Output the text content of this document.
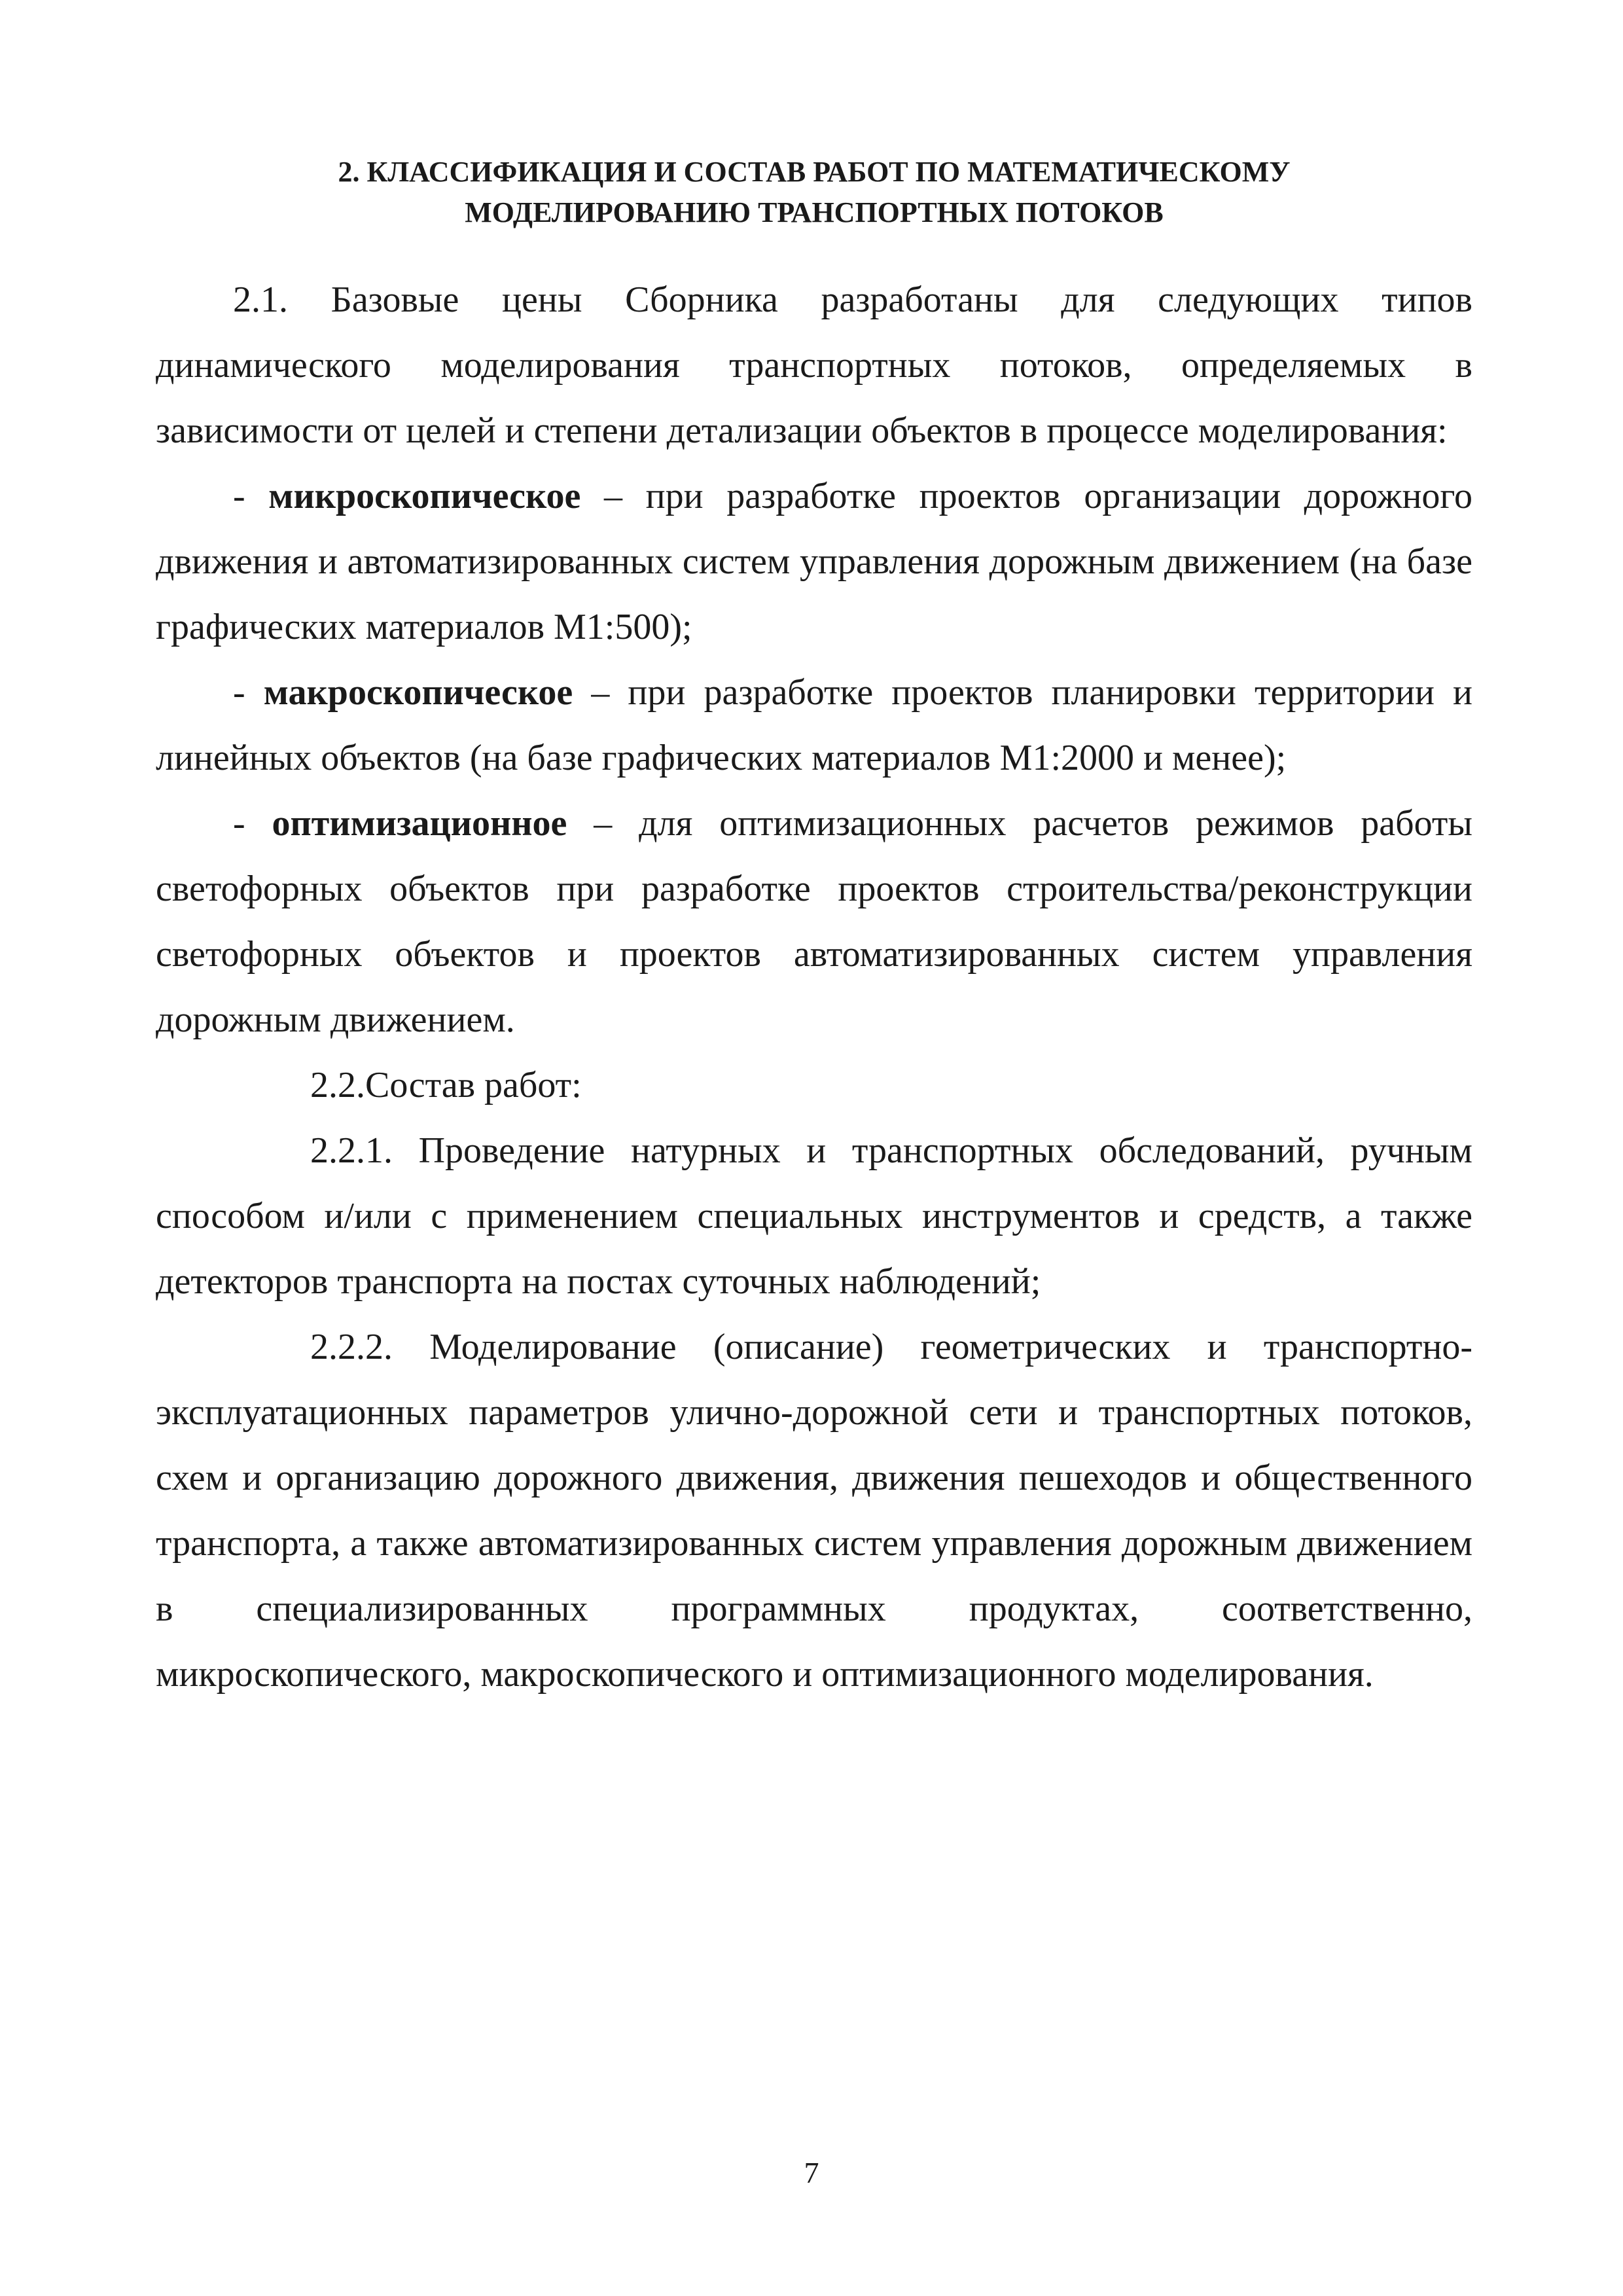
2. КЛАССИФИКАЦИЯ И СОСТАВ РАБОТ ПО МАТЕМАТИЧЕСКОМУ
МОДЕЛИРОВАНИЮ ТРАНСПОРТНЫХ ПОТОКОВ

2.1. Базовые цены Сборника разработаны для следующих типов динамического моделирования транспортных потоков, определяемых в зависимости от целей и степени детализации объектов в процессе моделирования:

- микроскопическое – при разработке проектов организации дорожного движения и автоматизированных систем управления дорожным движением (на базе графических материалов М1:500);

- макроскопическое – при разработке проектов планировки территории и линейных объектов (на базе графических материалов М1:2000 и менее);

- оптимизационное – для оптимизационных расчетов режимов работы светофорных объектов при разработке проектов строительства/реконструкции светофорных объектов и проектов автоматизированных систем управления дорожным движением.

2.2.Состав работ:

2.2.1. Проведение натурных и транспортных обследований, ручным способом и/или с применением специальных инструментов и средств, а также детекторов транспорта на постах суточных наблюдений;

2.2.2. Моделирование (описание) геометрических и транспортно-эксплуатационных параметров улично-дорожной сети и транспортных потоков, схем и организацию дорожного движения, движения пешеходов и общественного транспорта, а также автоматизированных систем управления дорожным движением в специализированных программных продуктах, соответственно, микроскопического, макроскопического и оптимизационного моделирования.

7
